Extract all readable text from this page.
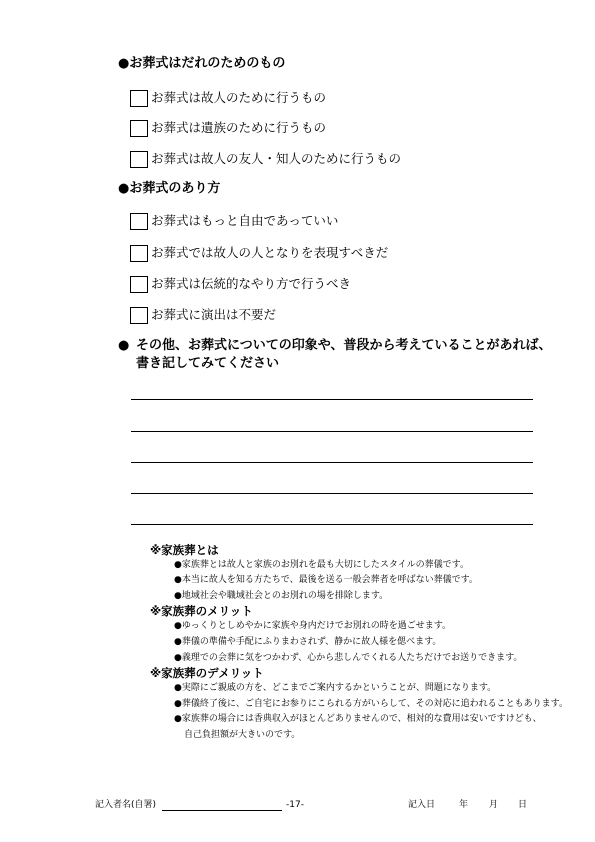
●お葬式はだれのためのもの
お葬式は故人のために行うもの
お葬式は遺族のために行うもの
お葬式は故人の友人・知人のために行うもの
●お葬式のあり方
お葬式はもっと自由であっていい
お葬式では故人の人となりを表現すべきだ
お葬式は伝統的なやり方で行うべき
お葬式に演出は不要だ
● その他、お葬式についての印象や、普段から考えていることがあれば、
書き記してみてください
※家族葬とは
●家族葬とは故人と家族のお別れを最も大切にしたスタイルの葬儀です。
●本当に故人を知る方たちで、最後を送る一般会葬者を呼ばない葬儀です。
●地域社会や職域社会とのお別れの場を排除します。
※家族葬のメリット
●ゆっくりとしめやかに家族や身内だけでお別れの時を過ごせます。
●葬儀の準備や手配にふりまわされず、静かに故人様を偲べます。
●義理での会葬に気をつかわず、心から悲しんでくれる人たちだけでお送りできます。
※家族葬のデメリット
●実際にご親戚の方を、どこまでご案内するかということが、問題になります。
●葬儀終了後に、ご自宅にお参りにこられる方がいらして、その対応に追われることもあります。
●家族葬の場合には香典収入がほとんどありませんので、相対的な費用は安いですけども、
自己負担額が大きいのです。
記入者名(自署)	-17-	記入日	年 月 日
